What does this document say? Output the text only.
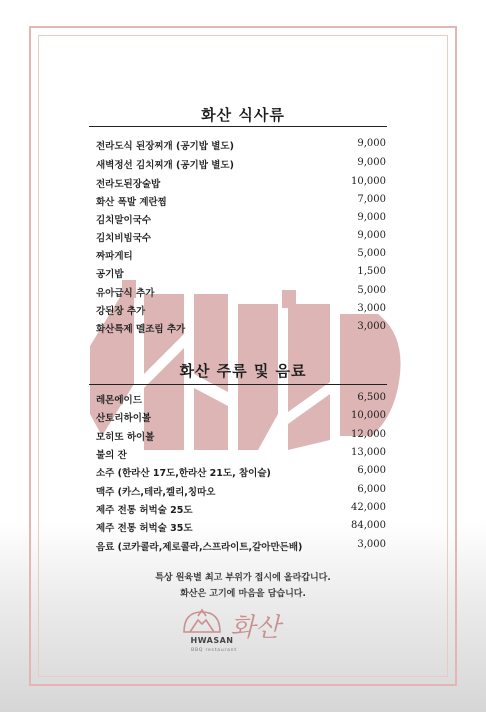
화산 식사류
전라도식 된장찌개 (공기밥 별도)	9,000
새벽정선 김치찌개 (공기밥 별도)	9,000
전라도된장술밥	10,000
화산 폭발 계란찜	7,000
김치말이국수	9,000
김치비빔국수	9,000
짜파게티	5,000
공기밥	1,500
유아급식 추가	5,000
강된장 추가	3,000
화산특제 멜조림 추가	3,000
화산 주류 및 음료
레몬에이드	6,500
산토리하이볼	10,000
모히또 하이볼	12,000
불의 잔	13,000
소주 (한라산 17도,한라산 21도, 참이슬)	6,000
맥주 (카스,테라,켈리,칭따오	6,000
제주 전통 허벅술 25도	42,000
제주 전통 허벅술 35도	84,000
음료 (코카콜라,제로콜라,스프라이트,갈아만든배)	3,000
특상 원육별 최고 부위가 접시에 올라갑니다.
화산은 고기에 마음을 담습니다.
화산
HWASAN
BBQ restaurant
